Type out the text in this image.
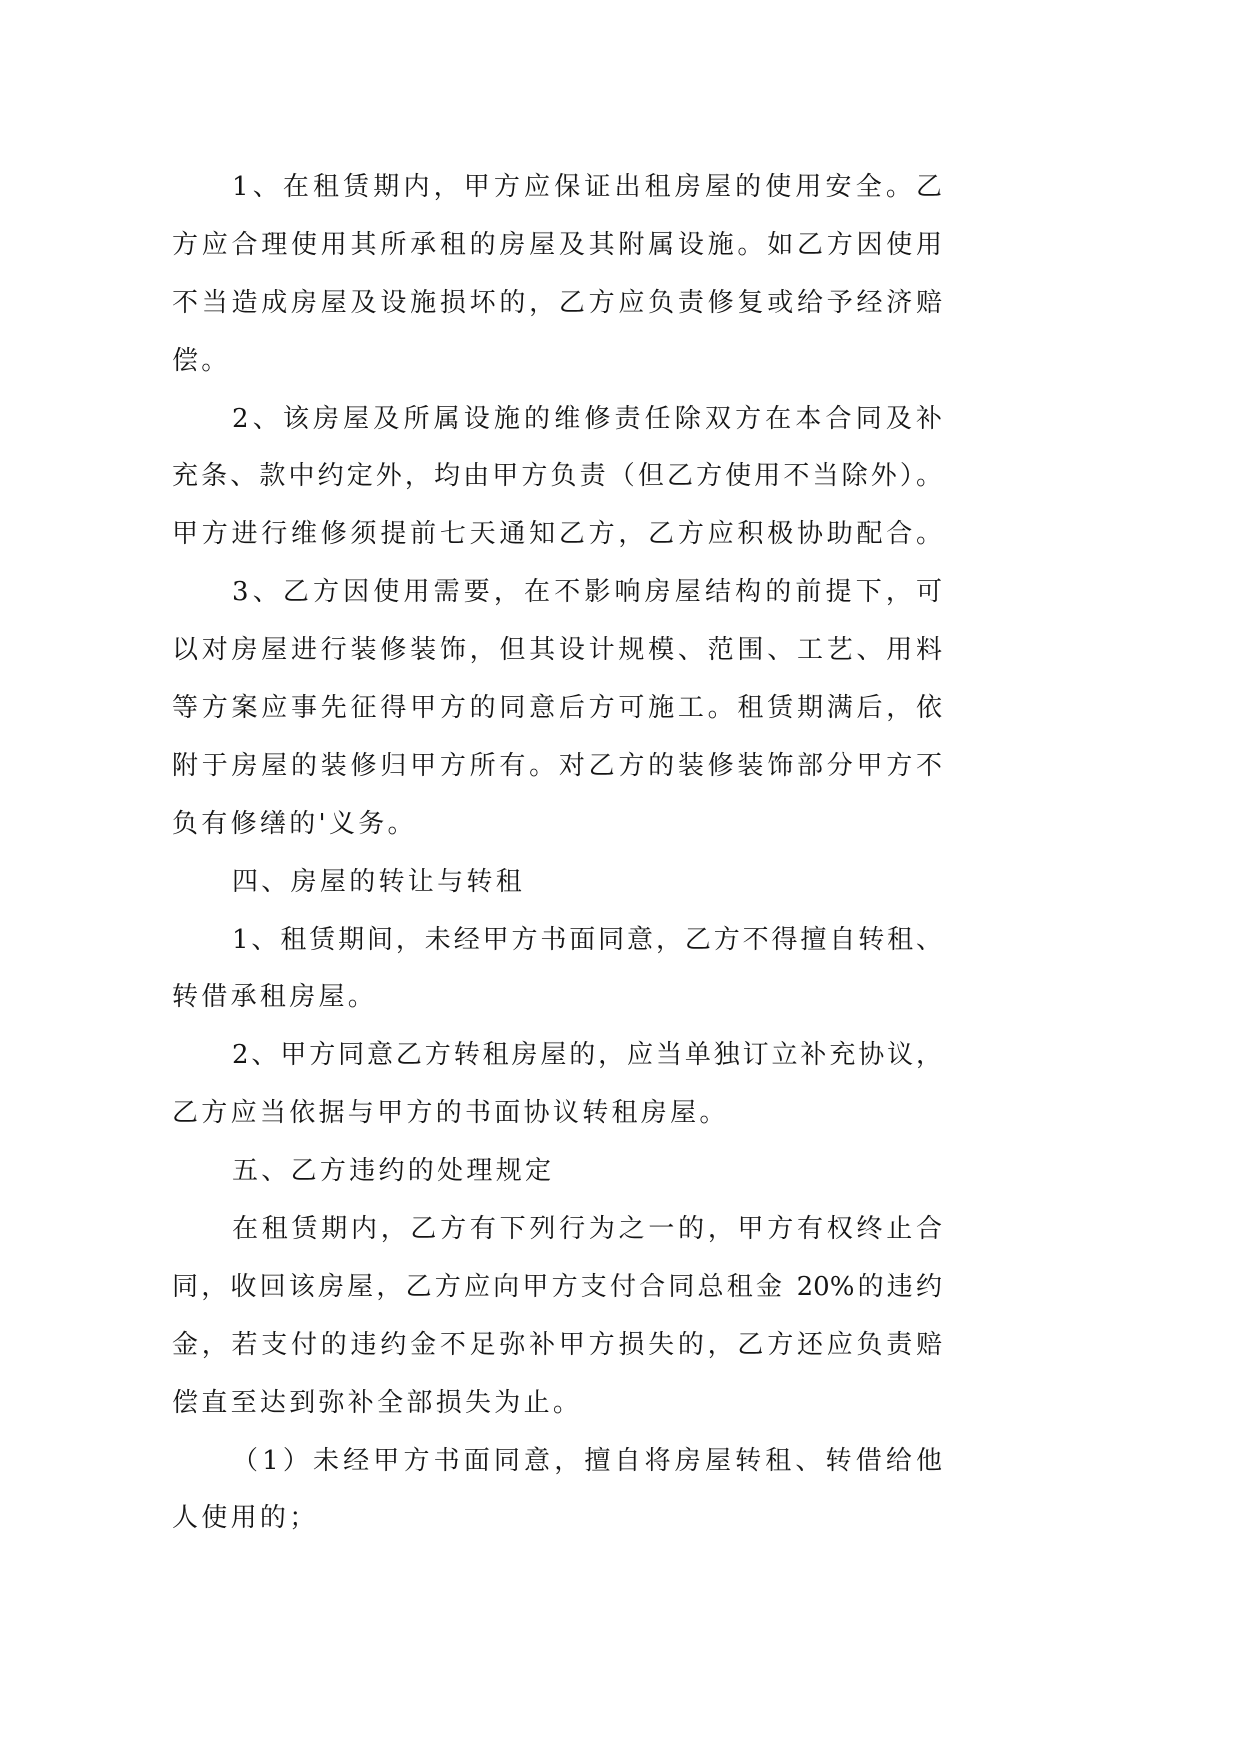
1、在租赁期内，甲方应保证出租房屋的使用安全。乙
方应合理使用其所承租的房屋及其附属设施。如乙方因使用
不当造成房屋及设施损坏的，乙方应负责修复或给予经济赔
偿。
2、该房屋及所属设施的维修责任除双方在本合同及补
充条、款中约定外，均由甲方负责（但乙方使用不当除外）。
甲方进行维修须提前七天通知乙方，乙方应积极协助配合。
3、乙方因使用需要，在不影响房屋结构的前提下，可
以对房屋进行装修装饰，但其设计规模、范围、工艺、用料
等方案应事先征得甲方的同意后方可施工。租赁期满后，依
附于房屋的装修归甲方所有。对乙方的装修装饰部分甲方不
负有修缮的'义务。
四、房屋的转让与转租
1、租赁期间，未经甲方书面同意，乙方不得擅自转租、
转借承租房屋。
2、甲方同意乙方转租房屋的，应当单独订立补充协议，
乙方应当依据与甲方的书面协议转租房屋。
五、乙方违约的处理规定
在租赁期内，乙方有下列行为之一的，甲方有权终止合
同，收回该房屋，乙方应向甲方支付合同总租金 20%的违约
金，若支付的违约金不足弥补甲方损失的，乙方还应负责赔
偿直至达到弥补全部损失为止。
（1）未经甲方书面同意，擅自将房屋转租、转借给他
人使用的；
